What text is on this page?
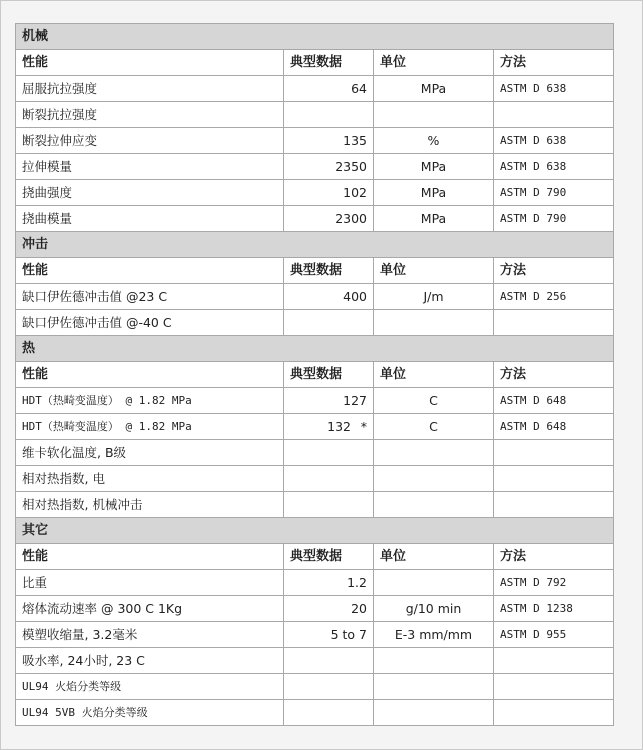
机械			
性能	典型数据	单位	方法
屈服抗拉强度	64	MPa	ASTM D 638
断裂抗拉强度			
断裂拉伸应变	135	%	ASTM D 638
拉伸模量	2350	MPa	ASTM D 638
挠曲强度	102	MPa	ASTM D 790
挠曲模量	2300	MPa	ASTM D 790
冲击			
性能	典型数据	单位	方法
缺口伊佐德冲击值 @23 C	400	J/m	ASTM D 256
缺口伊佐德冲击值 @-40 C			
热			
性能	典型数据	单位	方法
HDT（热畸变温度） @ 1.82 MPa	127	C	ASTM D 648
HDT（热畸变温度） @ 1.82 MPa	132 *	C	ASTM D 648
维卡软化温度, B级			
相对热指数, 电			
相对热指数, 机械冲击			
其它			
性能	典型数据	单位	方法
比重	1.2		ASTM D 792
熔体流动速率 @ 300 C 1Kg	20	g/10 min	ASTM D 1238
模塑收缩量, 3.2毫米	5 to 7	E-3 mm/mm	ASTM D 955
吸水率, 24小时, 23 C			
UL94 火焰分类等级			
UL94 5VB 火焰分类等级			
